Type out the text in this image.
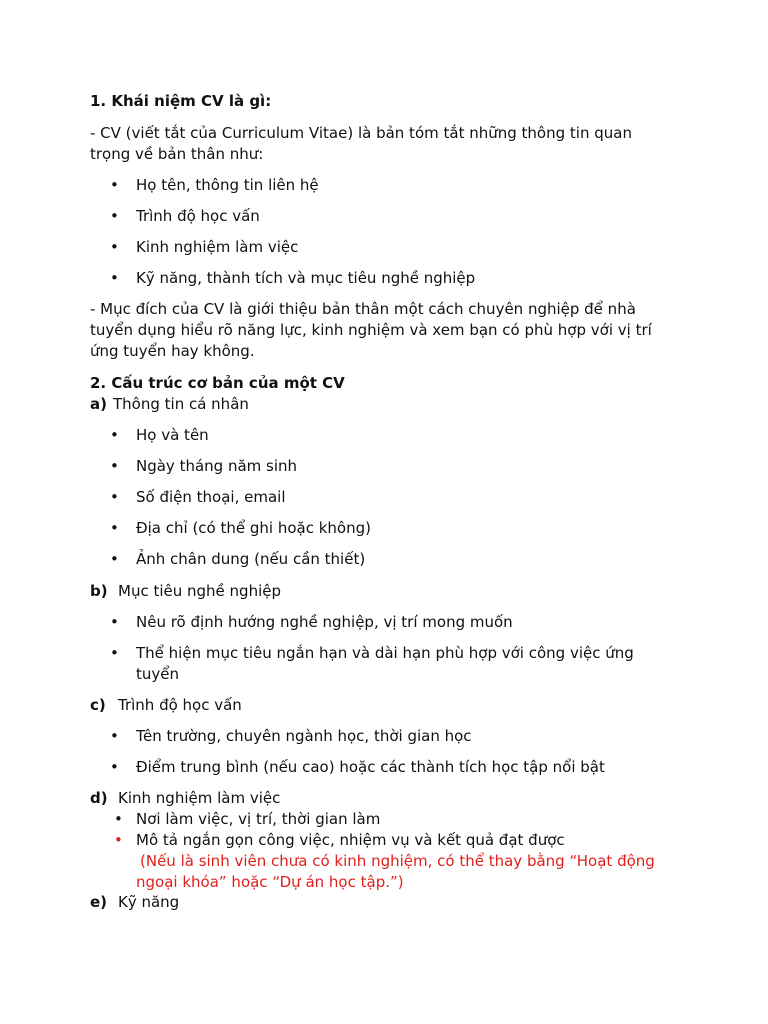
1. Khái niệm CV là gì:
- CV (viết tắt của Curriculum Vitae) là bản tóm tắt những thông tin quan
trọng về bản thân như:
• Họ tên, thông tin liên hệ
• Trình độ học vấn
• Kinh nghiệm làm việc
• Kỹ năng, thành tích và mục tiêu nghề nghiệp
- Mục đích của CV là giới thiệu bản thân một cách chuyên nghiệp để nhà
tuyển dụng hiểu rõ năng lực, kinh nghiệm và xem bạn có phù hợp với vị trí
ứng tuyển hay không.
2. Cấu trúc cơ bản của một CV
a) Thông tin cá nhân
• Họ và tên
• Ngày tháng năm sinh
• Số điện thoại, email
• Địa chỉ (có thể ghi hoặc không)
• Ảnh chân dung (nếu cần thiết)
b) Mục tiêu nghề nghiệp
• Nêu rõ định hướng nghề nghiệp, vị trí mong muốn
• Thể hiện mục tiêu ngắn hạn và dài hạn phù hợp với công việc ứng
tuyển
c) Trình độ học vấn
• Tên trường, chuyên ngành học, thời gian học
• Điểm trung bình (nếu cao) hoặc các thành tích học tập nổi bật
d) Kinh nghiệm làm việc
• Nơi làm việc, vị trí, thời gian làm
• Mô tả ngắn gọn công việc, nhiệm vụ và kết quả đạt được
(Nếu là sinh viên chưa có kinh nghiệm, có thể thay bằng “Hoạt động
ngoại khóa” hoặc “Dự án học tập.”)
e) Kỹ năng
